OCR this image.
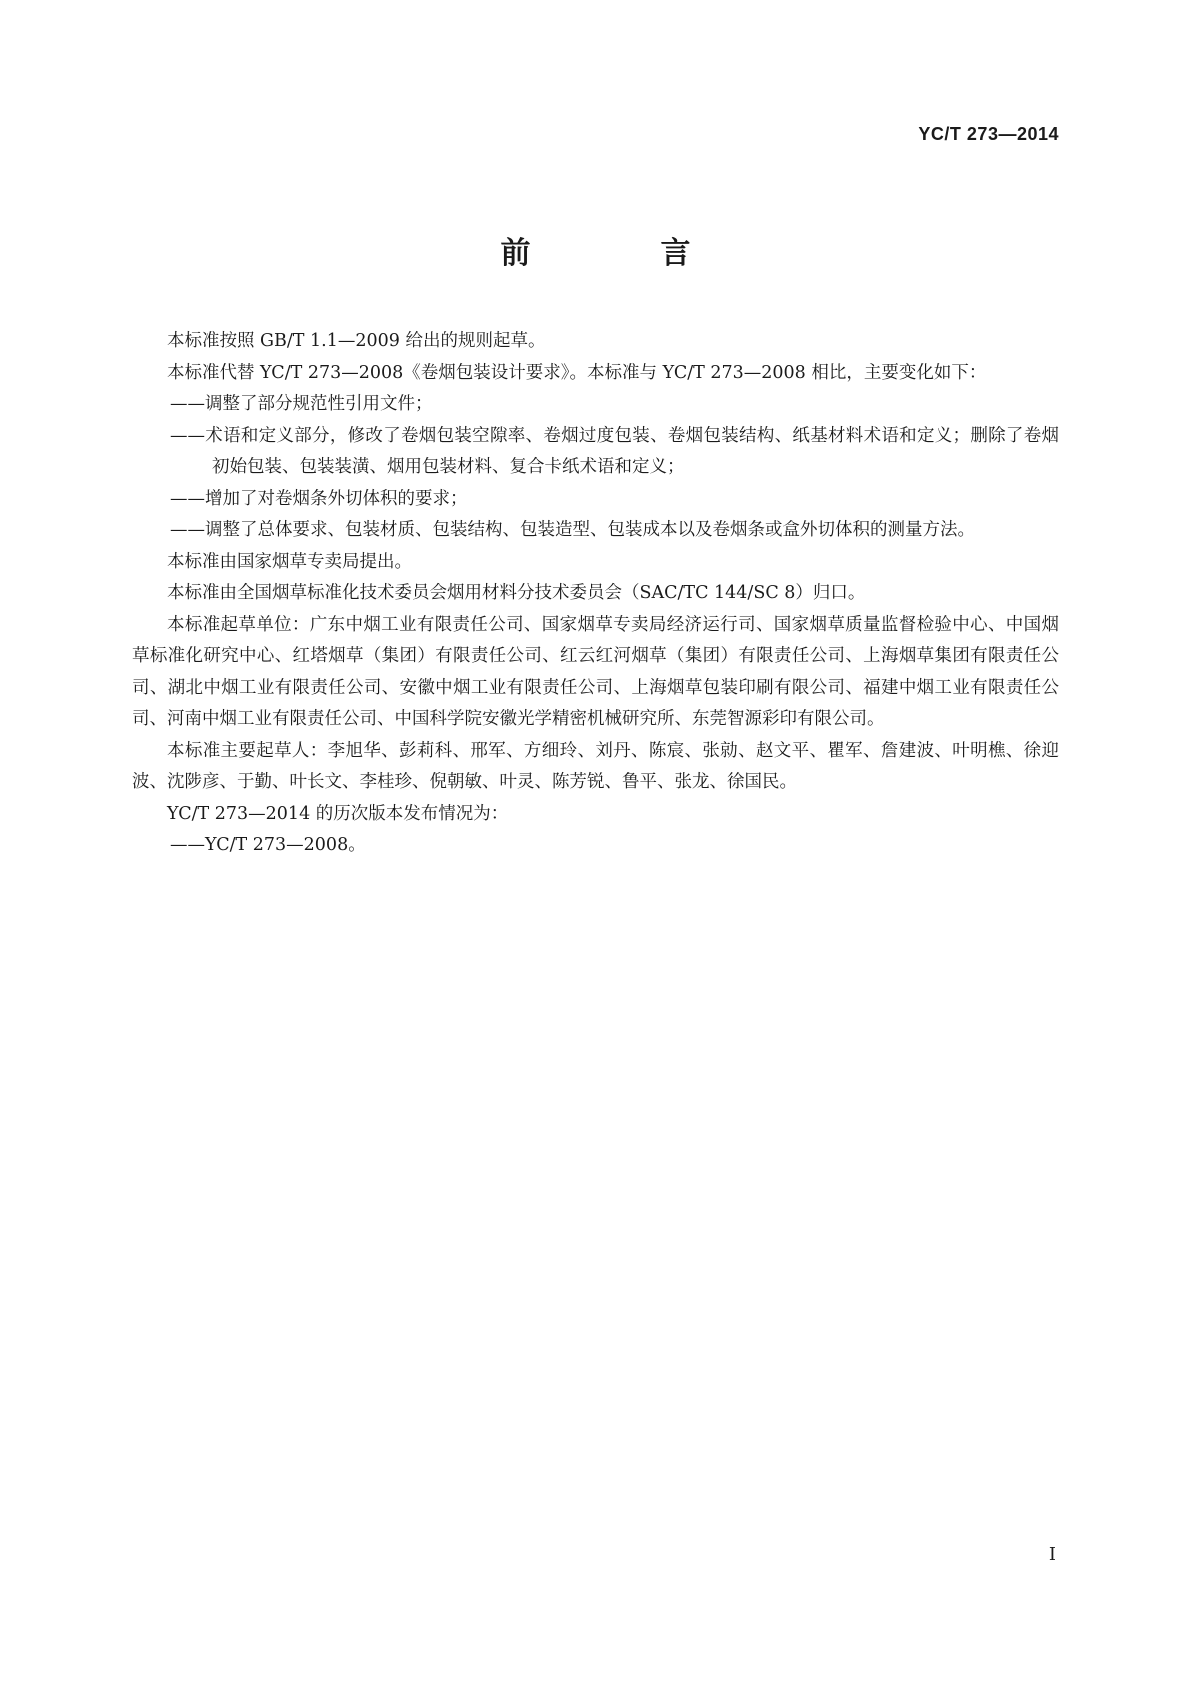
YC/T 273—2014
前　言

本标准按照 GB/T 1.1—2009 给出的规则起草。

本标准代替 YC/T 273—2008《卷烟包装设计要求》。本标准与 YC/T 273—2008 相比，主要变化如下：

——调整了部分规范性引用文件；

——术语和定义部分，修改了卷烟包装空隙率、卷烟过度包装、卷烟包装结构、纸基材料术语和定义；删除了卷烟初始包装、包装装潢、烟用包装材料、复合卡纸术语和定义；

——增加了对卷烟条外切体积的要求；

——调整了总体要求、包装材质、包装结构、包装造型、包装成本以及卷烟条或盒外切体积的测量方法。

本标准由国家烟草专卖局提出。

本标准由全国烟草标准化技术委员会烟用材料分技术委员会（SAC/TC 144/SC 8）归口。

本标准起草单位：广东中烟工业有限责任公司、国家烟草专卖局经济运行司、国家烟草质量监督检验中心、中国烟草标准化研究中心、红塔烟草（集团）有限责任公司、红云红河烟草（集团）有限责任公司、上海烟草集团有限责任公司、湖北中烟工业有限责任公司、安徽中烟工业有限责任公司、上海烟草包装印刷有限公司、福建中烟工业有限责任公司、河南中烟工业有限责任公司、中国科学院安徽光学精密机械研究所、东莞智源彩印有限公司。

本标准主要起草人：李旭华、彭莉科、邢军、方细玲、刘丹、陈宸、张勍、赵文平、瞿军、詹建波、叶明樵、徐迎波、沈陟彦、于勤、叶长文、李桂珍、倪朝敏、叶灵、陈芳锐、鲁平、张龙、徐国民。

YC/T 273—2014 的历次版本发布情况为：

——YC/T 273—2008。

I
